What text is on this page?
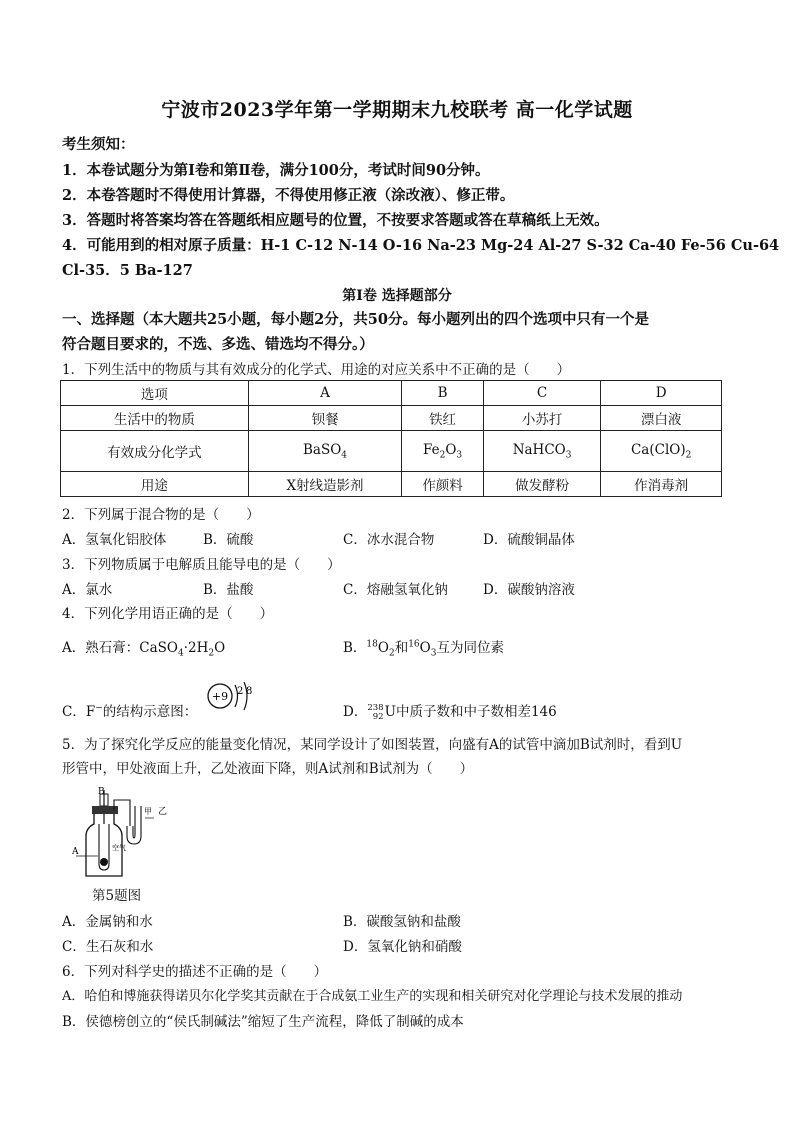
宁波市2023学年第一学期期末九校联考 高一化学试题
考生须知：
1．本卷试题分为第Ⅰ卷和第Ⅱ卷，满分100分，考试时间90分钟。
2．本卷答题时不得使用计算器，不得使用修正液（涂改液）、修正带。
3．答题时将答案均答在答题纸相应题号的位置，不按要求答题或答在草稿纸上无效。
4．可能用到的相对原子质量：H-1 C-12 N-14 O-16 Na-23 Mg-24 Al-27 S-32 Ca-40 Fe-56 Cu-64
Cl-35．5 Ba-127
第Ⅰ卷 选择题部分
一、选择题（本大题共25小题，每小题2分，共50分。每小题列出的四个选项中只有一个是
符合题目要求的，不选、多选、错选均不得分。）
1．下列生活中的物质与其有效成分的化学式、用途的对应关系中不正确的是（　　）
选项	A	B	C	D
生活中的物质	钡餐	铁红	小苏打	漂白液
有效成分化学式	BaSO$_4$	$Fe_2O_3$	NaHCO$_3$	$Ca(ClO)_2$
用途	X射线造影剂	作颜料	做发酵粉	作消毒剂
2．下列属于混合物的是（　　）
A．氢氧化铝胶体	B．硫酸	C．冰水混合物	D．硫酸铜晶体
3．下列物质属于电解质且能导电的是（　　）
A．氯水	B．盐酸	C．熔融氢氧化钠	D．碳酸钠溶液
4．下列化学用语正确的是（　　）
A．熟石膏：$CaSO_4\cdot 2H_2O$	B．$^{18}O_2$和$^{16}O_3$互为同位素
C．F−的结构示意图：
+9 2 8
D． 238
92 U中质子数和中子数相差146
5．为了探究化学反应的能量变化情况，某同学设计了如图装置，向盛有A的试管中滴加B试剂时，看到U
形管中，甲处液面上升，乙处液面下降，则A试剂和B试剂为（　　）
B
A	空气
甲 乙
第5题图
A．金属钠和水	B．碳酸氢钠和盐酸
C．生石灰和水	D．氢氧化钠和硝酸
6．下列对科学史的描述不正确的是（　　）
A．哈伯和博施获得诺贝尔化学奖其贡献在于合成氨工业生产的实现和相关研究对化学理论与技术发展的推动
B．侯德榜创立的“侯氏制碱法”缩短了生产流程，降低了制碱的成本
